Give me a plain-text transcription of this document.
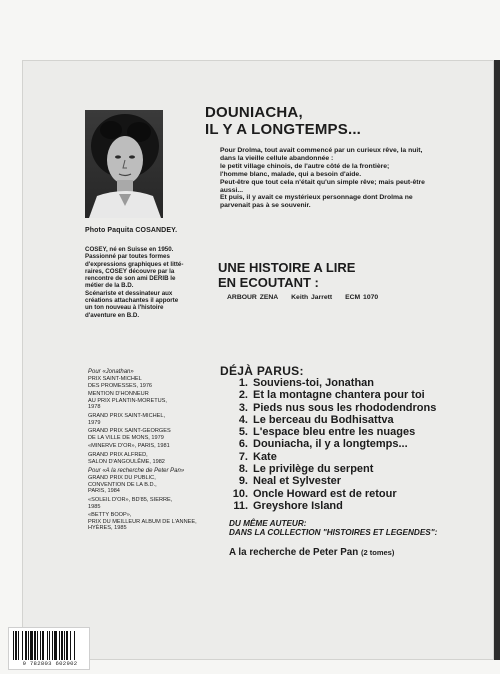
Photo Paquita COSANDEY.
COSEY, né en Suisse en 1950.
Passionné par toutes formes
d'expressions graphiques et litté-
raires, COSEY découvre par la
rencontre de son ami DERIB le
métier de la B.D.
Scénariste et dessinateur aux
créations attachantes il apporte
un ton nouveau à l'histoire
d'aventure en B.D.
Pour «Jonathan»
PRIX SAINT-MICHEL
DES PROMESSES, 1976
MENTION D'HONNEUR
AU PRIX PLANTIN-MORETUS,
1978
GRAND PRIX SAINT-MICHEL,
1979
GRAND PRIX SAINT-GEORGES
DE LA VILLE DE MONS, 1979
«MINERVE D'OR», PARIS, 1981
GRAND PRIX ALFRED,
SALON D'ANGOULÊME, 1982
Pour «A la recherche de Peter Pan»
GRAND PRIX DU PUBLIC,
CONVENTION DE LA B.D.,
PARIS, 1984
«SOLEIL D'OR», BD'85, SIERRE,
1985
«BETTY BOOP»,
PRIX DU MEILLEUR ALBUM DE L'ANNEE,
HYÈRES, 1985
DOUNIACHA,
IL Y A LONGTEMPS...
Pour Drolma, tout avait commencé par un curieux rêve, la nuit,
dans la vieille cellule abandonnée :
le petit village chinois, de l'autre côté de la frontière;
l'homme blanc, malade, qui a besoin d'aide.
Peut-être que tout cela n'était qu'un simple rêve; mais peut-être
aussi...
Et puis, il y avait ce mystérieux personnage dont Drolma ne
parvenait pas à se souvenir.
UNE HISTOIRE A LIRE
EN ECOUTANT :
ARBOUR ZENA Keith Jarrett ECM 1070
DÉJÀ PARUS:
1. Souviens-toi, Jonathan
2. Et la montagne chantera pour toi
3. Pieds nus sous les rhododendrons
4. Le berceau du Bodhisattva
5. L'espace bleu entre les nuages
6. Douniacha, il y a longtemps...
7. Kate
8. Le privilège du serpent
9. Neal et Sylvester
10. Oncle Howard est de retour
11. Greyshore Island
DU MÊME AUTEUR:
DANS LA COLLECTION "HISTOIRES ET LEGENDES":
A la recherche de Peter Pan (2 tomes)
9 782803 602902
